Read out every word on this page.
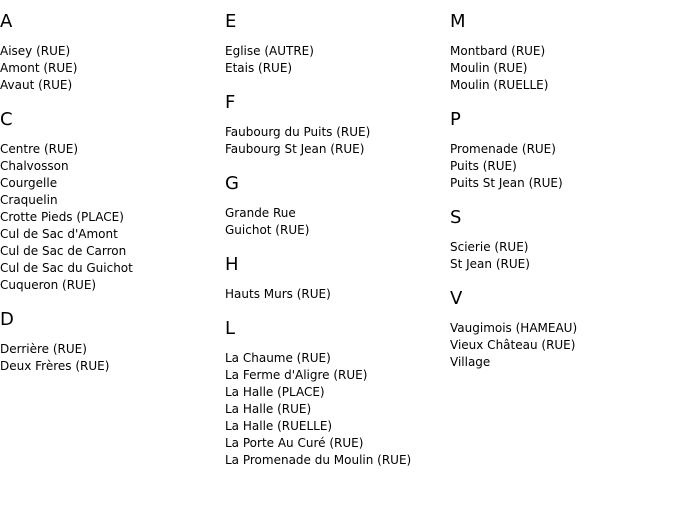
A
Aisey (RUE)
Amont (RUE)
Avaut (RUE)
C
Centre (RUE)
Chalvosson
Courgelle
Craquelin
Crotte Pieds (PLACE)
Cul de Sac d'Amont
Cul de Sac de Carron
Cul de Sac du Guichot
Cuqueron (RUE)
D
Derrière (RUE)
Deux Frères (RUE)
E
Eglise (AUTRE)
Etais (RUE)
F
Faubourg du Puits (RUE)
Faubourg St Jean (RUE)
G
Grande Rue
Guichot (RUE)
H
Hauts Murs (RUE)
L
La Chaume (RUE)
La Ferme d'Aligre (RUE)
La Halle (PLACE)
La Halle (RUE)
La Halle (RUELLE)
La Porte Au Curé (RUE)
La Promenade du Moulin (RUE)
M
Montbard (RUE)
Moulin (RUE)
Moulin (RUELLE)
P
Promenade (RUE)
Puits (RUE)
Puits St Jean (RUE)
S
Scierie (RUE)
St Jean (RUE)
V
Vaugimois (HAMEAU)
Vieux Château (RUE)
Village
